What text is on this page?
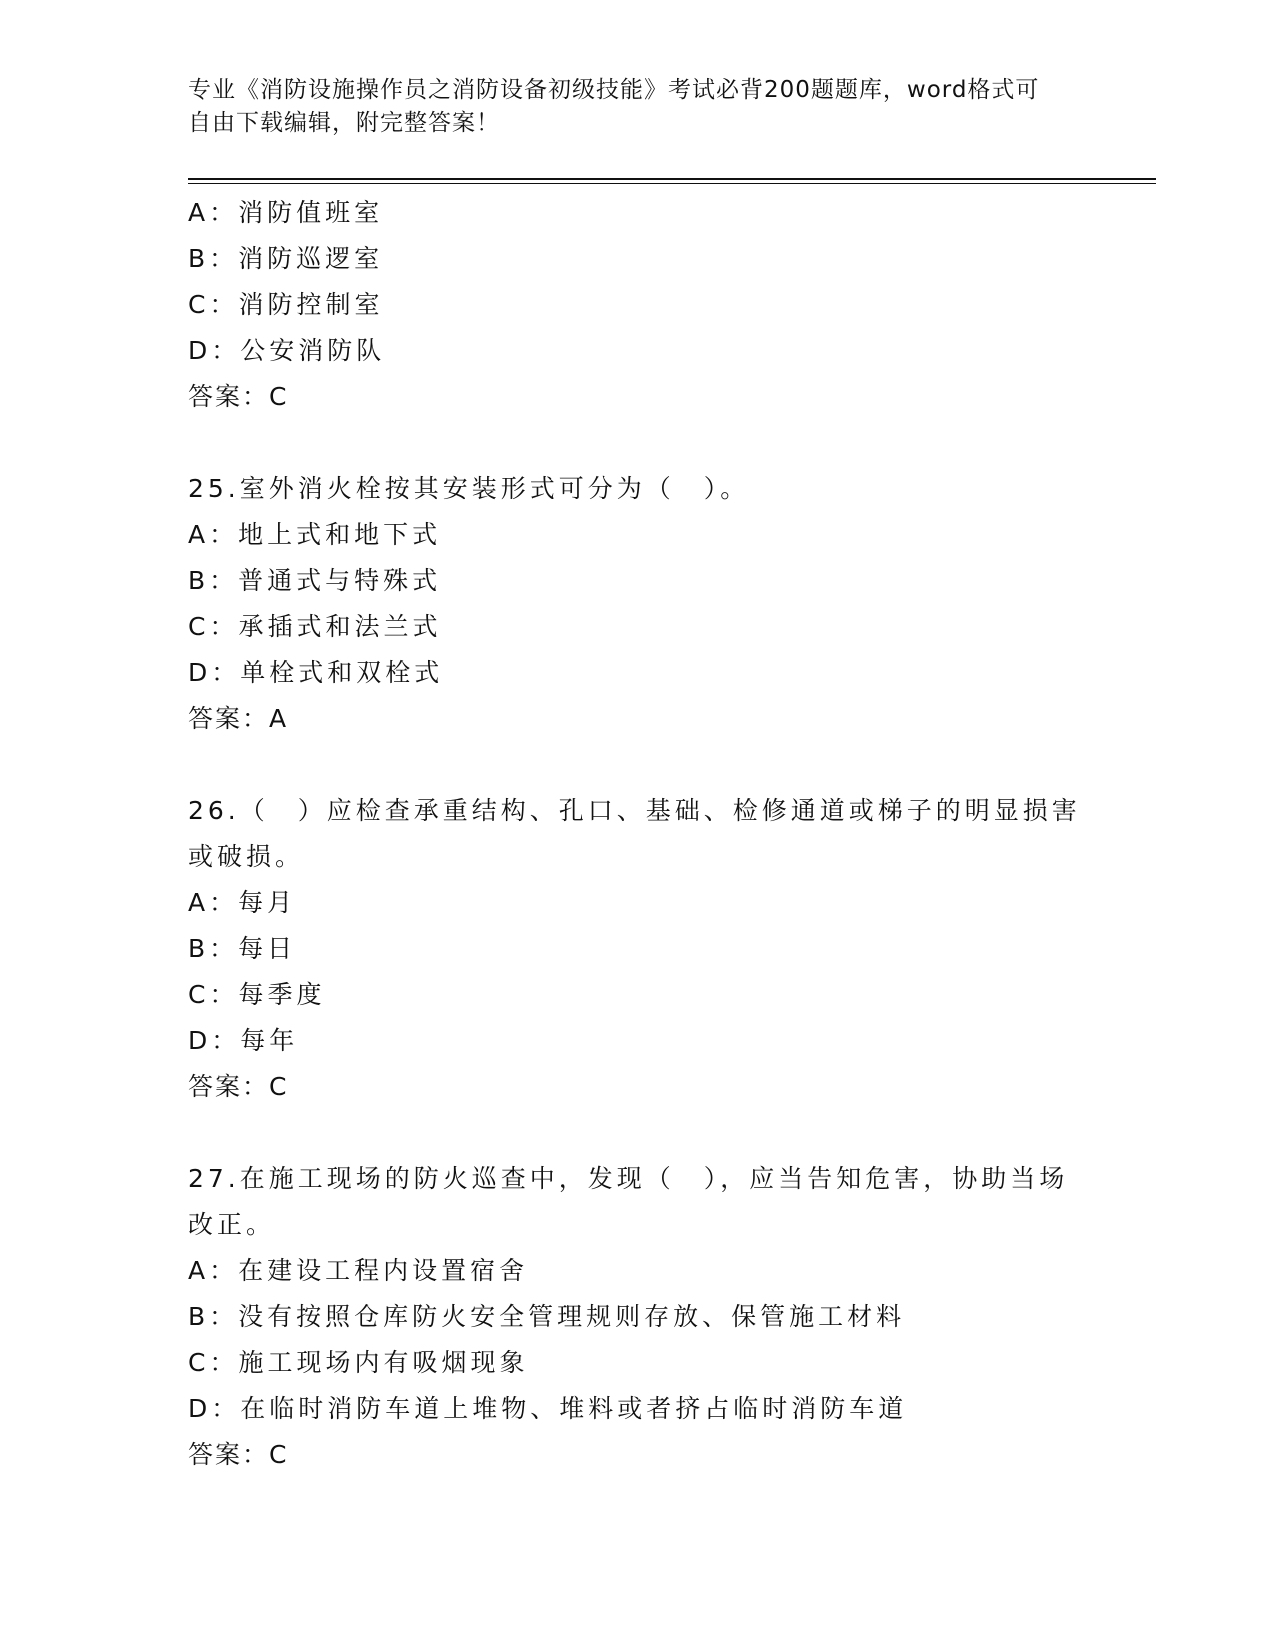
专业《消防设施操作员之消防设备初级技能》考试必背200题题库，word格式可
自由下载编辑，附完整答案！
A：消防值班室
B：消防巡逻室
C：消防控制室
D：公安消防队
答案：C
25.室外消火栓按其安装形式可分为（　）。
A：地上式和地下式
B：普通式与特殊式
C：承插式和法兰式
D：单栓式和双栓式
答案：A
26.（　）应检查承重结构、孔口、基础、检修通道或梯子的明显损害
或破损。
A：每月
B：每日
C：每季度
D：每年
答案：C
27.在施工现场的防火巡查中，发现（　），应当告知危害，协助当场
改正。
A：在建设工程内设置宿舍
B：没有按照仓库防火安全管理规则存放、保管施工材料
C：施工现场内有吸烟现象
D：在临时消防车道上堆物、堆料或者挤占临时消防车道
答案：C
